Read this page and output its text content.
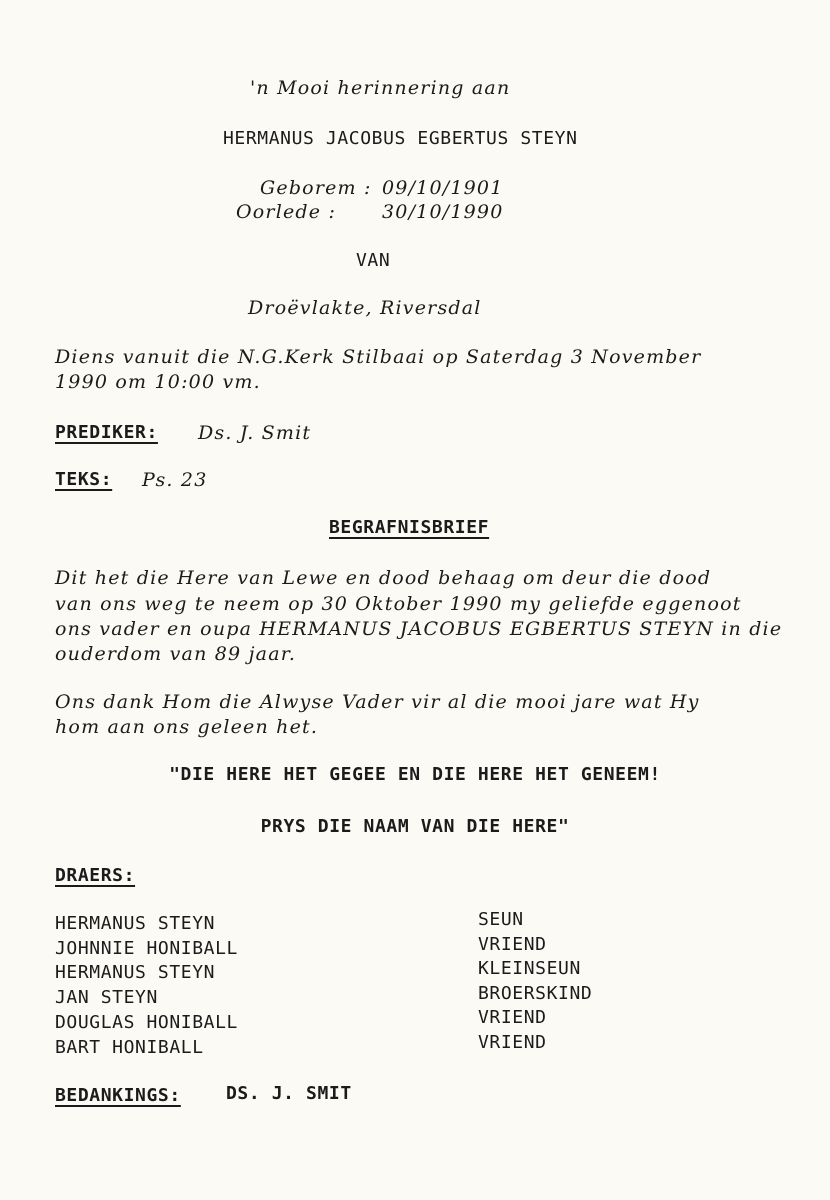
'n Mooi herinnering aan
HERMANUS JACOBUS EGBERTUS STEYN
Geborem : 09/10/1901
Oorlede : 30/10/1990
VAN
Droëvlakte, Riversdal
Diens vanuit die N.G.Kerk Stilbaai op Saterdag 3 November
1990 om 10:00 vm.
PREDIKER: Ds. J. Smit
TEKS: Ps. 23
BEGRAFNISBRIEF
Dit het die Here van Lewe en dood behaag om deur die dood
van ons weg te neem op 30 Oktober 1990 my geliefde eggenoot
ons vader en oupa HERMANUS JACOBUS EGBERTUS STEYN in die
ouderdom van 89 jaar.
Ons dank Hom die Alwyse Vader vir al die mooi jare wat Hy
hom aan ons geleen het.
"DIE HERE HET GEGEE EN DIE HERE HET GENEEM!
PRYS DIE NAAM VAN DIE HERE"
DRAERS:
HERMANUS STEYN	SEUN
JOHNNIE HONIBALL	VRIEND
HERMANUS STEYN	KLEINSEUN
JAN STEYN	BROERSKIND
DOUGLAS HONIBALL	VRIEND
BART HONIBALL	VRIEND
BEDANKINGS:	DS. J. SMIT
